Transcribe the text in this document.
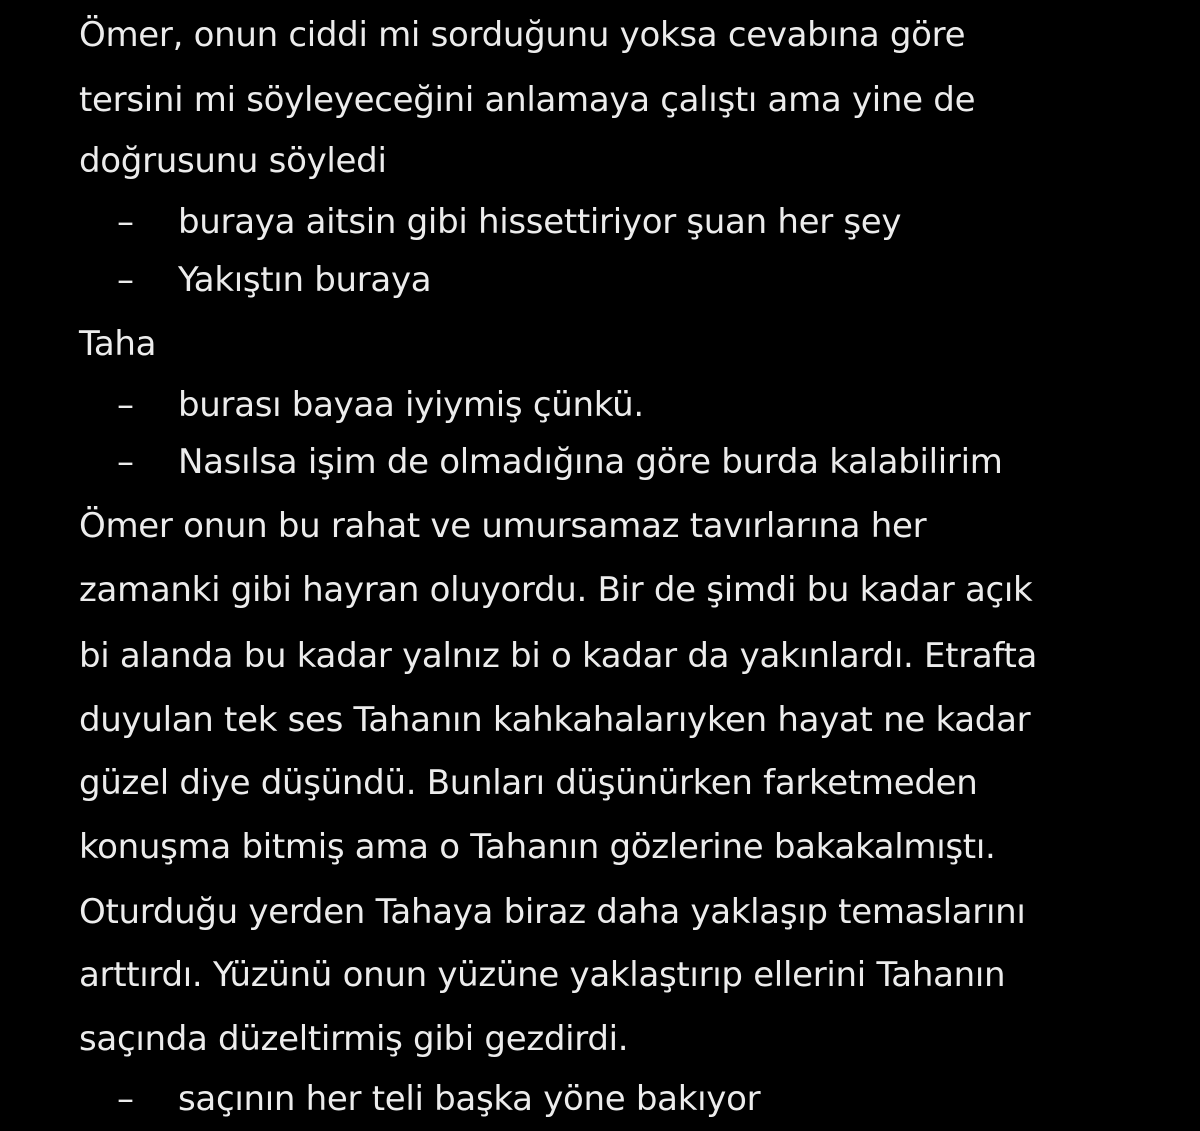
Ömer, onun ciddi mi sorduğunu yoksa cevabına göre
tersini mi söyleyeceğini anlamaya çalıştı ama yine de
doğrusunu söyledi
– buraya aitsin gibi hissettiriyor şuan her şey
– Yakıştın buraya
Taha
– burası bayaa iyiymiş çünkü.
– Nasılsa işim de olmadığına göre burda kalabilirim
Ömer onun bu rahat ve umursamaz tavırlarına her
zamanki gibi hayran oluyordu. Bir de şimdi bu kadar açık
bi alanda bu kadar yalnız bi o kadar da yakınlardı. Etrafta
duyulan tek ses Tahanın kahkahalarıyken hayat ne kadar
güzel diye düşündü. Bunları düşünürken farketmeden
konuşma bitmiş ama o Tahanın gözlerine bakakalmıştı.
Oturduğu yerden Tahaya biraz daha yaklaşıp temaslarını
arttırdı. Yüzünü onun yüzüne yaklaştırıp ellerini Tahanın
saçında düzeltirmiş gibi gezdirdi.
– saçının her teli başka yöne bakıyor
